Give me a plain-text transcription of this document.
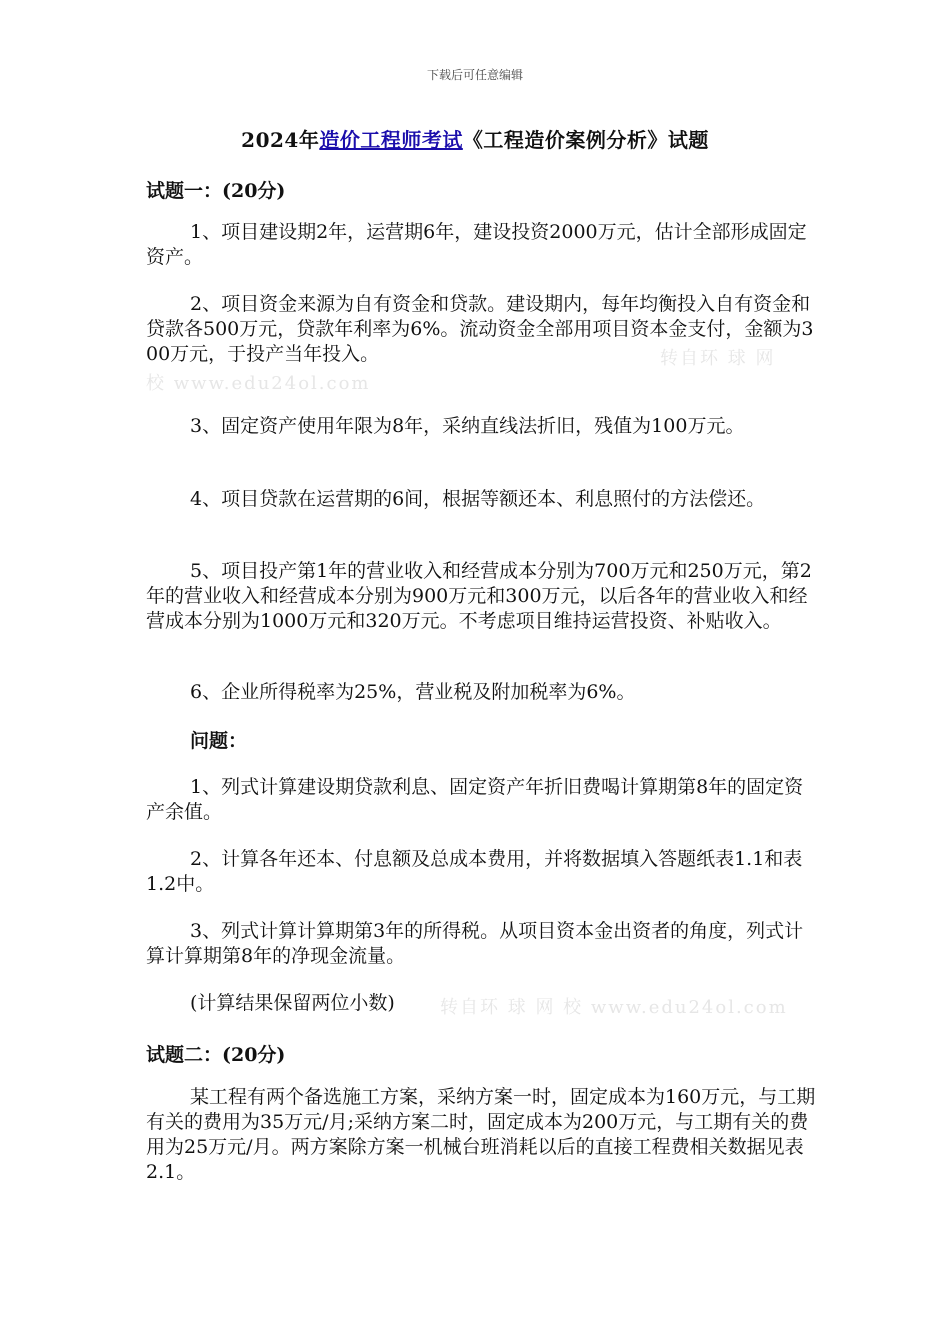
下载后可任意编辑
2024年造价工程师考试《工程造价案例分析》试题
试题一：(20分)
1、项目建设期2年，运营期6年，建设投资2000万元，估计全部形成固定资产。
2、项目资金来源为自有资金和贷款。建设期内，每年均衡投入自有资金和贷款各500万元，贷款年利率为6%。流动资金全部用项目资本金支付，金额为300万元，于投产当年投入。
3、固定资产使用年限为8年，采纳直线法折旧，残值为100万元。
4、项目贷款在运营期的6间，根据等额还本、利息照付的方法偿还。
5、项目投产第1年的营业收入和经营成本分别为700万元和250万元，第2年的营业收入和经营成本分别为900万元和300万元，以后各年的营业收入和经营成本分别为1000万元和320万元。不考虑项目维持运营投资、补贴收入。
6、企业所得税率为25%，营业税及附加税率为6%。
问题：
1、列式计算建设期贷款利息、固定资产年折旧费喝计算期第8年的固定资产余值。
2、计算各年还本、付息额及总成本费用，并将数据填入答题纸表1.1和表1.2中。
3、列式计算计算期第3年的所得税。从项目资本金出资者的角度，列式计算计算期第8年的净现金流量。
(计算结果保留两位小数)
试题二：(20分)
某工程有两个备选施工方案，采纳方案一时，固定成本为160万元，与工期有关的费用为35万元/月;采纳方案二时，固定成本为200万元，与工期有关的费用为25万元/月。两方案除方案一机械台班消耗以后的直接工程费相关数据见表2.1。
转自环 球 网
校 www.edu24ol.com
转自环 球 网 校 www.edu24ol.com
